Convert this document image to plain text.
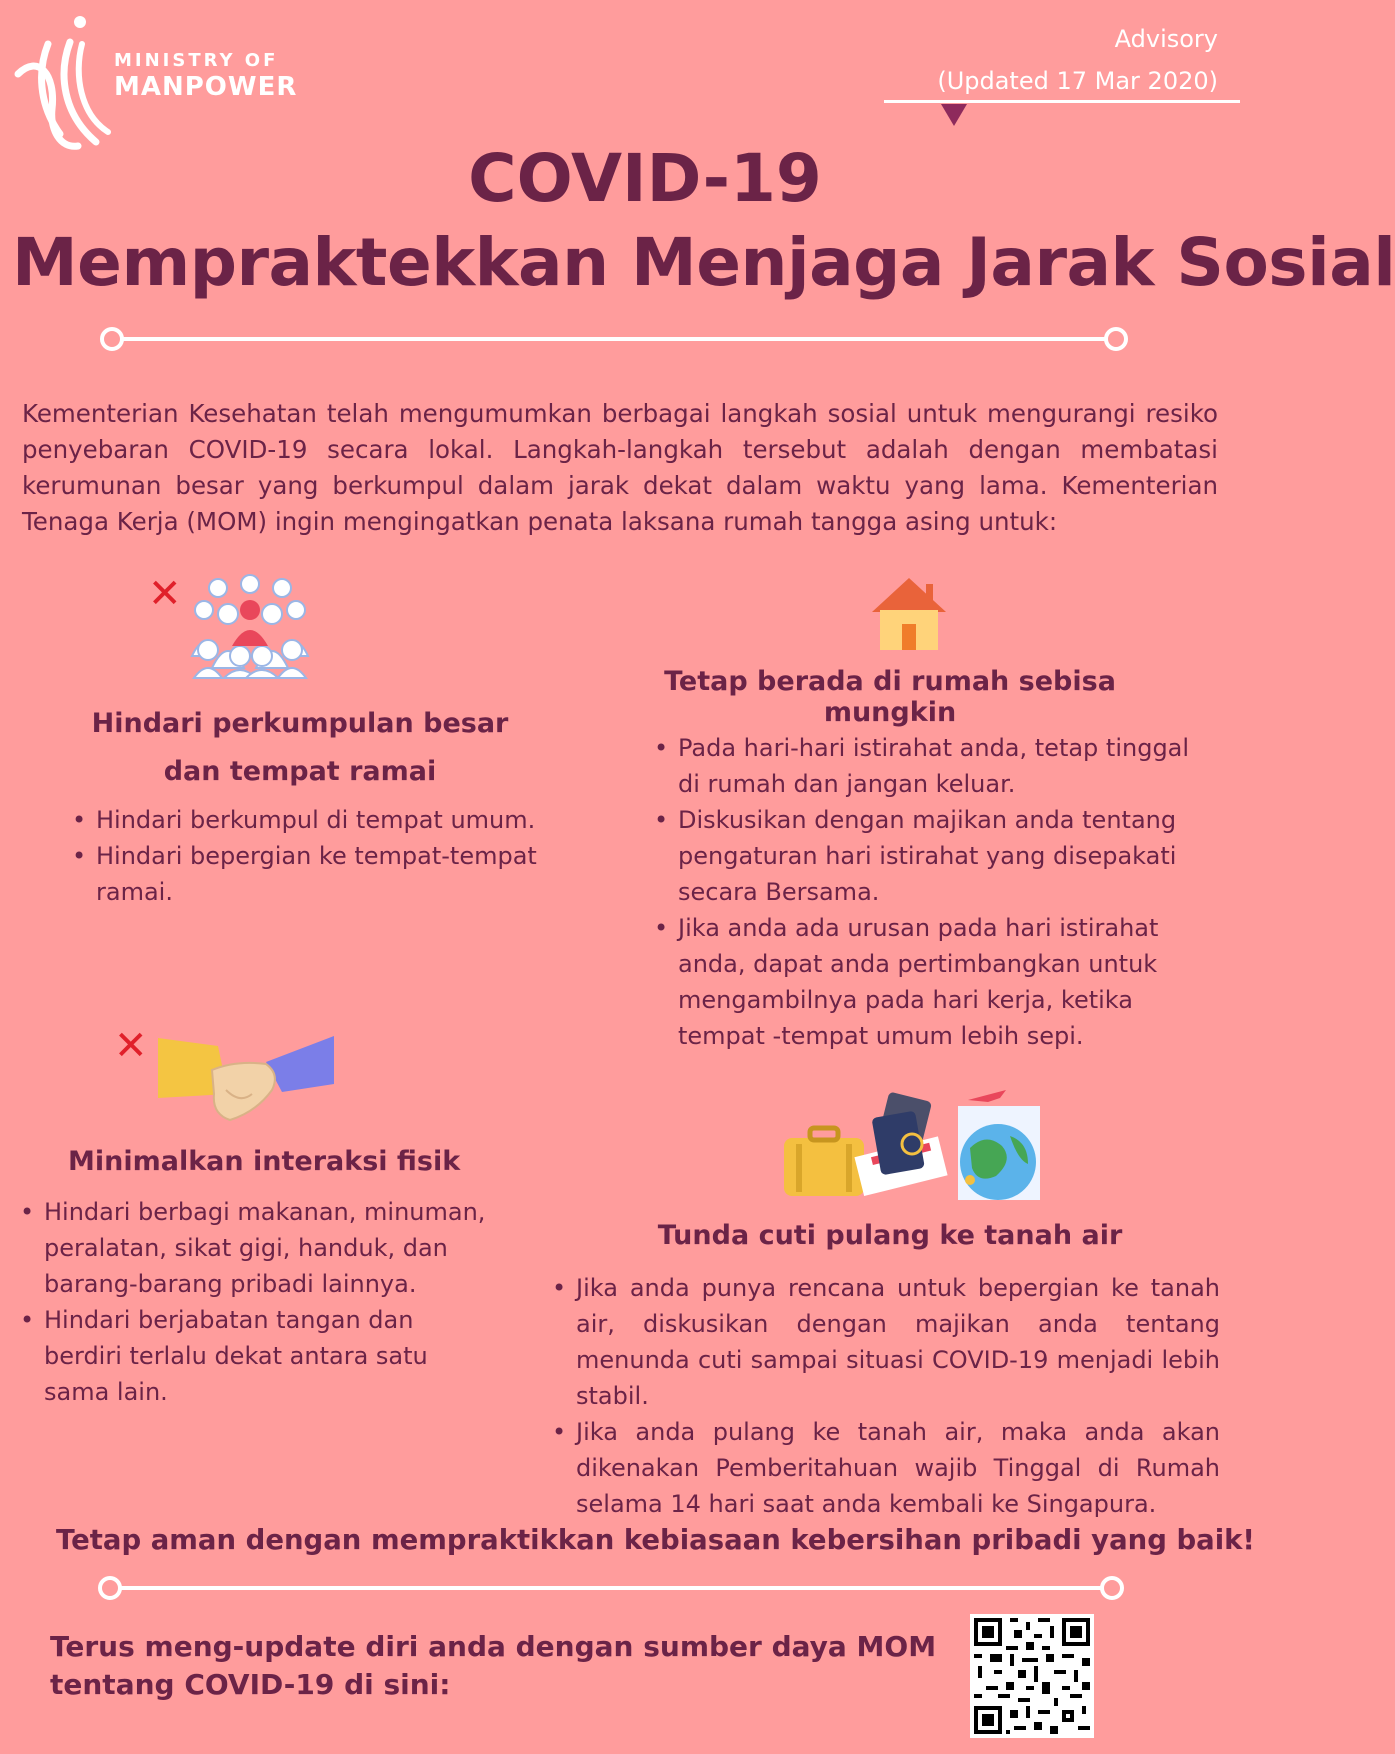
MINISTRY OF
MANPOWER
Advisory
(Updated 17 Mar 2020)
COVID-19
Mempraktekkan Menjaga Jarak Sosial
Kementerian Kesehatan telah mengumumkan berbagai langkah sosial untuk mengurangi resiko penyebaran COVID-19 secara lokal. Langkah-langkah tersebut adalah dengan membatasi kerumunan besar yang berkumpul dalam jarak dekat dalam waktu yang lama. Kementerian Tenaga Kerja (MOM) ingin mengingatkan penata laksana rumah tangga asing untuk:
✕
Hindari perkumpulan besar
dan tempat ramai
• Hindari berkumpul di tempat umum.
• Hindari bepergian ke tempat-tempat ramai.
Tetap berada di rumah sebisa mungkin
• Pada hari-hari istirahat anda, tetap tinggal di rumah dan jangan keluar.
• Diskusikan dengan majikan anda tentang pengaturan hari istirahat yang disepakati secara Bersama.
• Jika anda ada urusan pada hari istirahat anda, dapat anda pertimbangkan untuk mengambilnya pada hari kerja, ketika tempat -tempat umum lebih sepi.
✕
Minimalkan interaksi fisik
• Hindari berbagi makanan, minuman, peralatan, sikat gigi, handuk, dan barang-barang pribadi lainnya.
• Hindari berjabatan tangan dan berdiri terlalu dekat antara satu sama lain.
Tunda cuti pulang ke tanah air
• Jika anda punya rencana untuk bepergian ke tanah air, diskusikan dengan majikan anda tentang menunda cuti sampai situasi COVID-19 menjadi lebih stabil.
• Jika anda pulang ke tanah air, maka anda akan dikenakan Pemberitahuan wajib Tinggal di Rumah selama 14 hari saat anda kembali ke Singapura.
Tetap aman dengan mempraktikkan kebiasaan kebersihan pribadi yang baik!
Terus meng-update diri anda dengan sumber daya MOM tentang COVID-19 di sini:
